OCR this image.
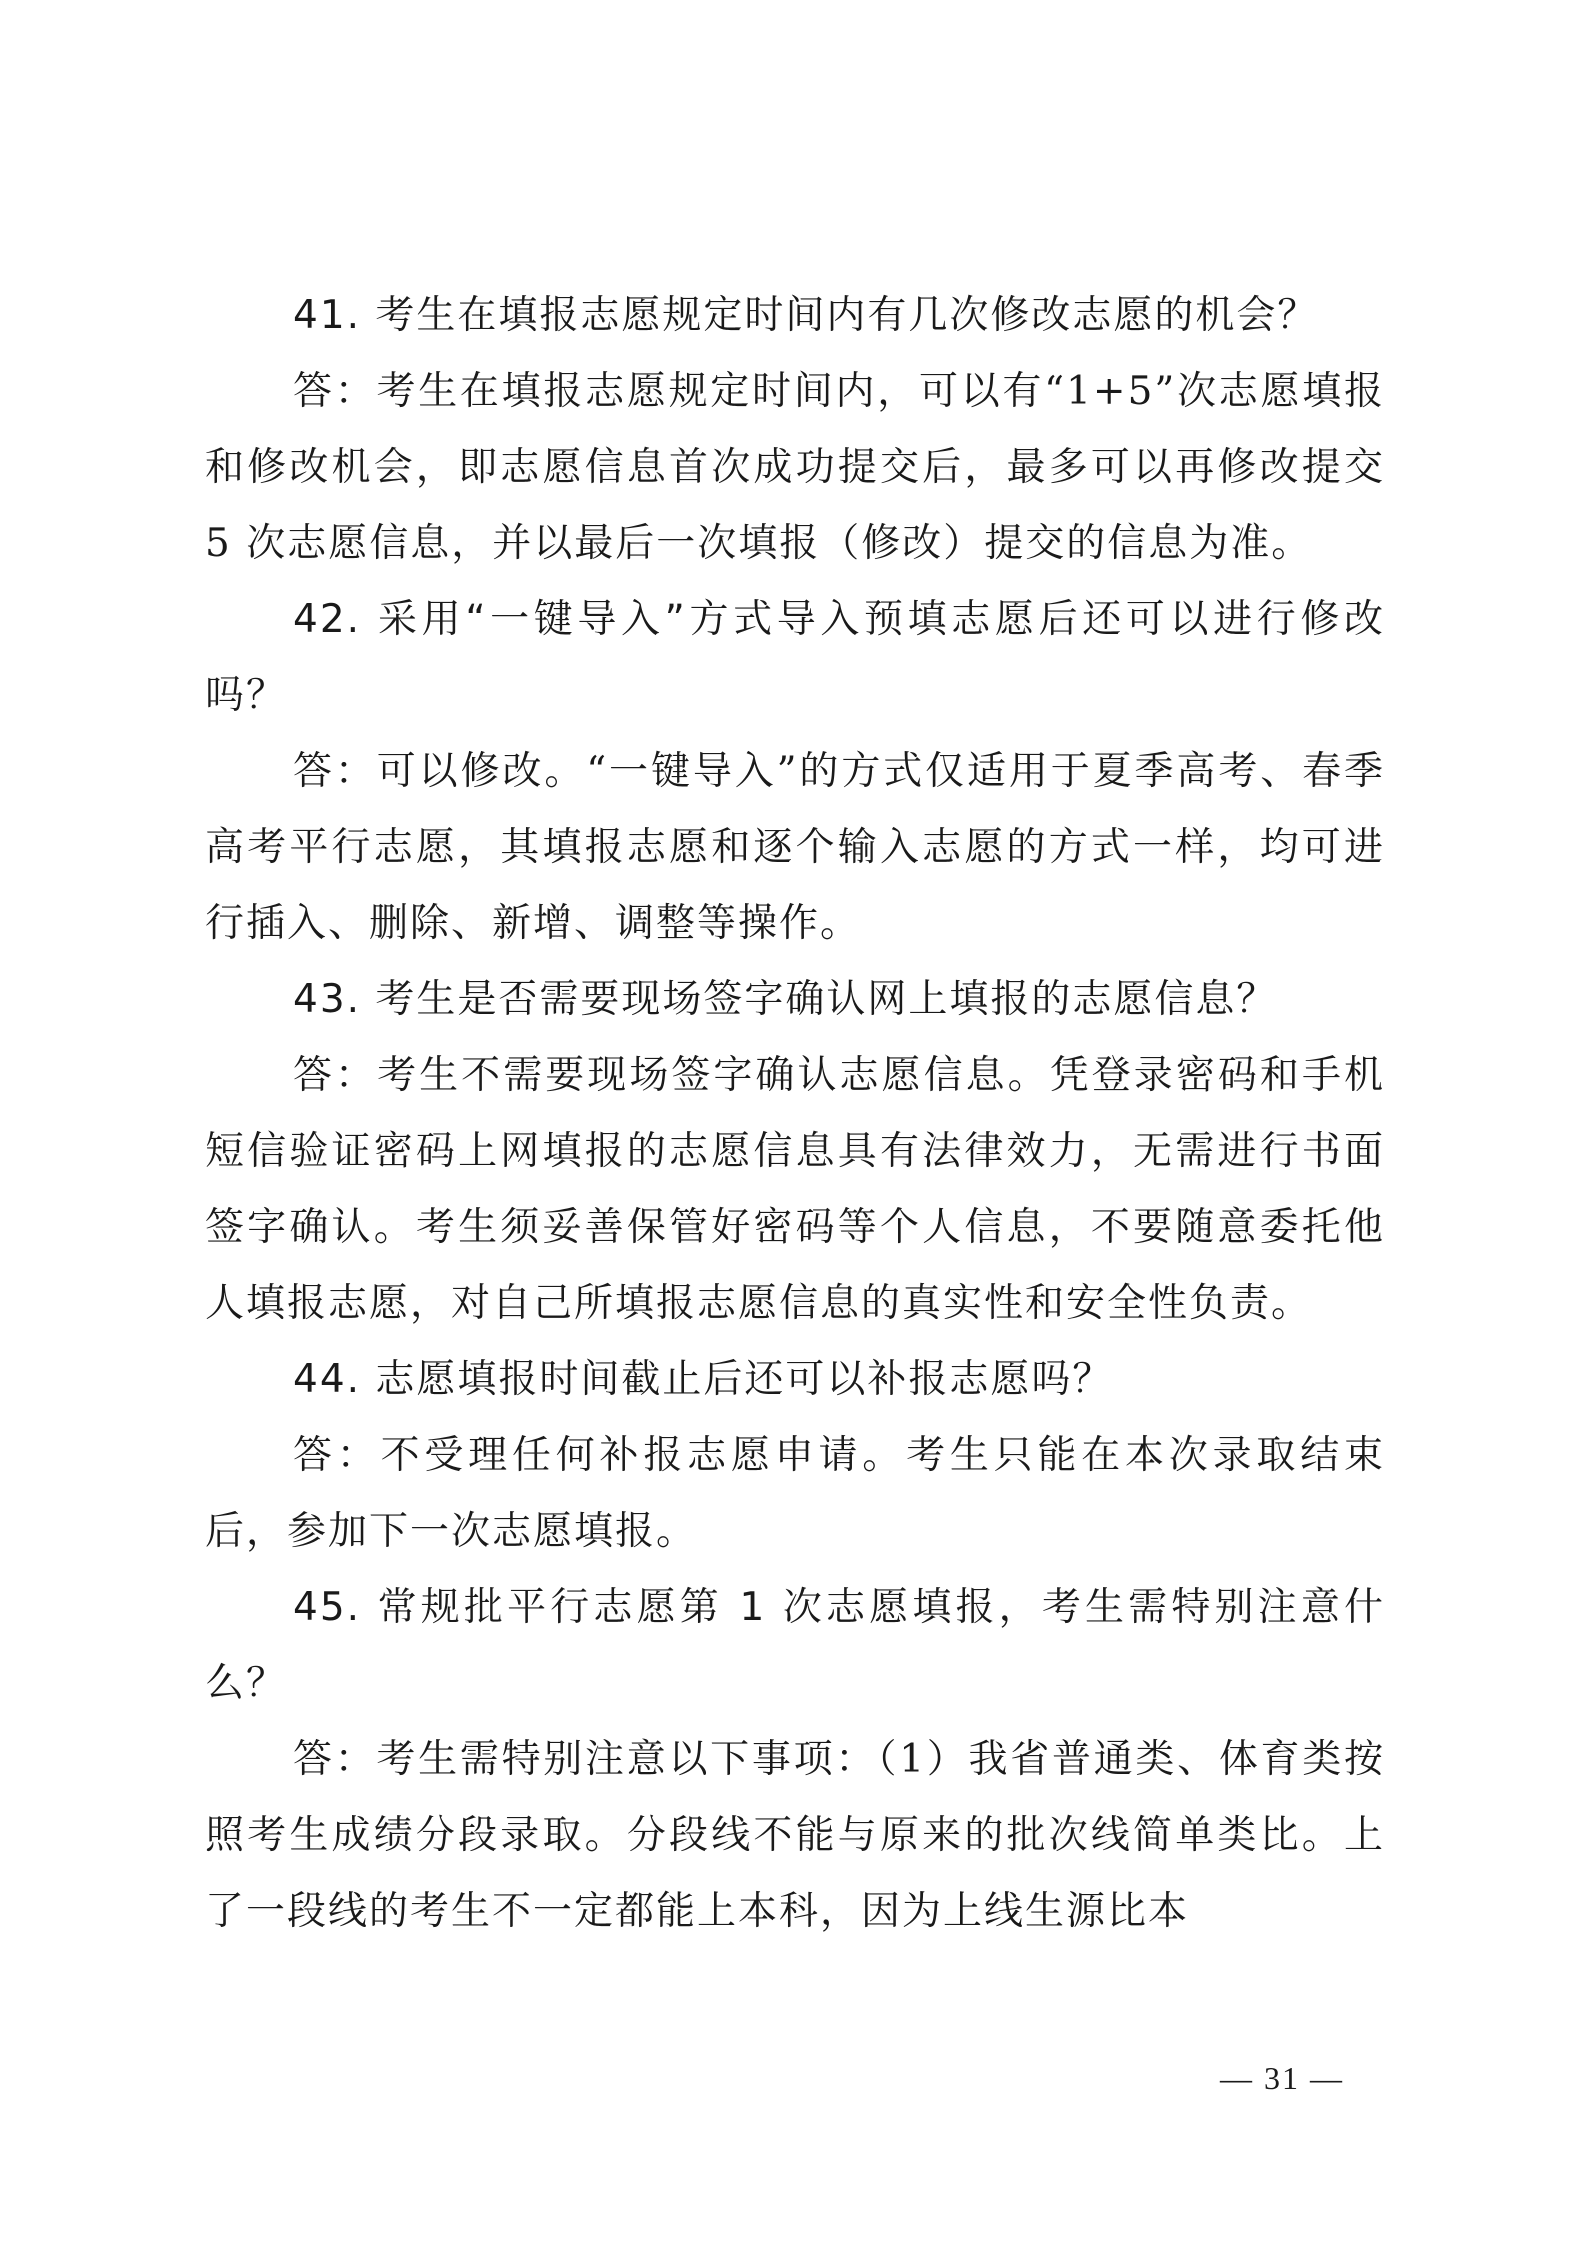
41. 考生在填报志愿规定时间内有几次修改志愿的机会？

答：考生在填报志愿规定时间内，可以有“1+5”次志愿填报和修改机会，即志愿信息首次成功提交后，最多可以再修改提交 5 次志愿信息，并以最后一次填报（修改）提交的信息为准。

42. 采用“一键导入”方式导入预填志愿后还可以进行修改吗？

答：可以修改。“一键导入”的方式仅适用于夏季高考、春季高考平行志愿，其填报志愿和逐个输入志愿的方式一样，均可进行插入、删除、新增、调整等操作。

43. 考生是否需要现场签字确认网上填报的志愿信息？

答：考生不需要现场签字确认志愿信息。凭登录密码和手机短信验证密码上网填报的志愿信息具有法律效力，无需进行书面签字确认。考生须妥善保管好密码等个人信息，不要随意委托他人填报志愿，对自己所填报志愿信息的真实性和安全性负责。

44. 志愿填报时间截止后还可以补报志愿吗？

答：不受理任何补报志愿申请。考生只能在本次录取结束后，参加下一次志愿填报。

45. 常规批平行志愿第 1 次志愿填报，考生需特别注意什么？

答：考生需特别注意以下事项：（1）我省普通类、体育类按照考生成绩分段录取。分段线不能与原来的批次线简单类比。上了一段线的考生不一定都能上本科，因为上线生源比本

— 31 —
